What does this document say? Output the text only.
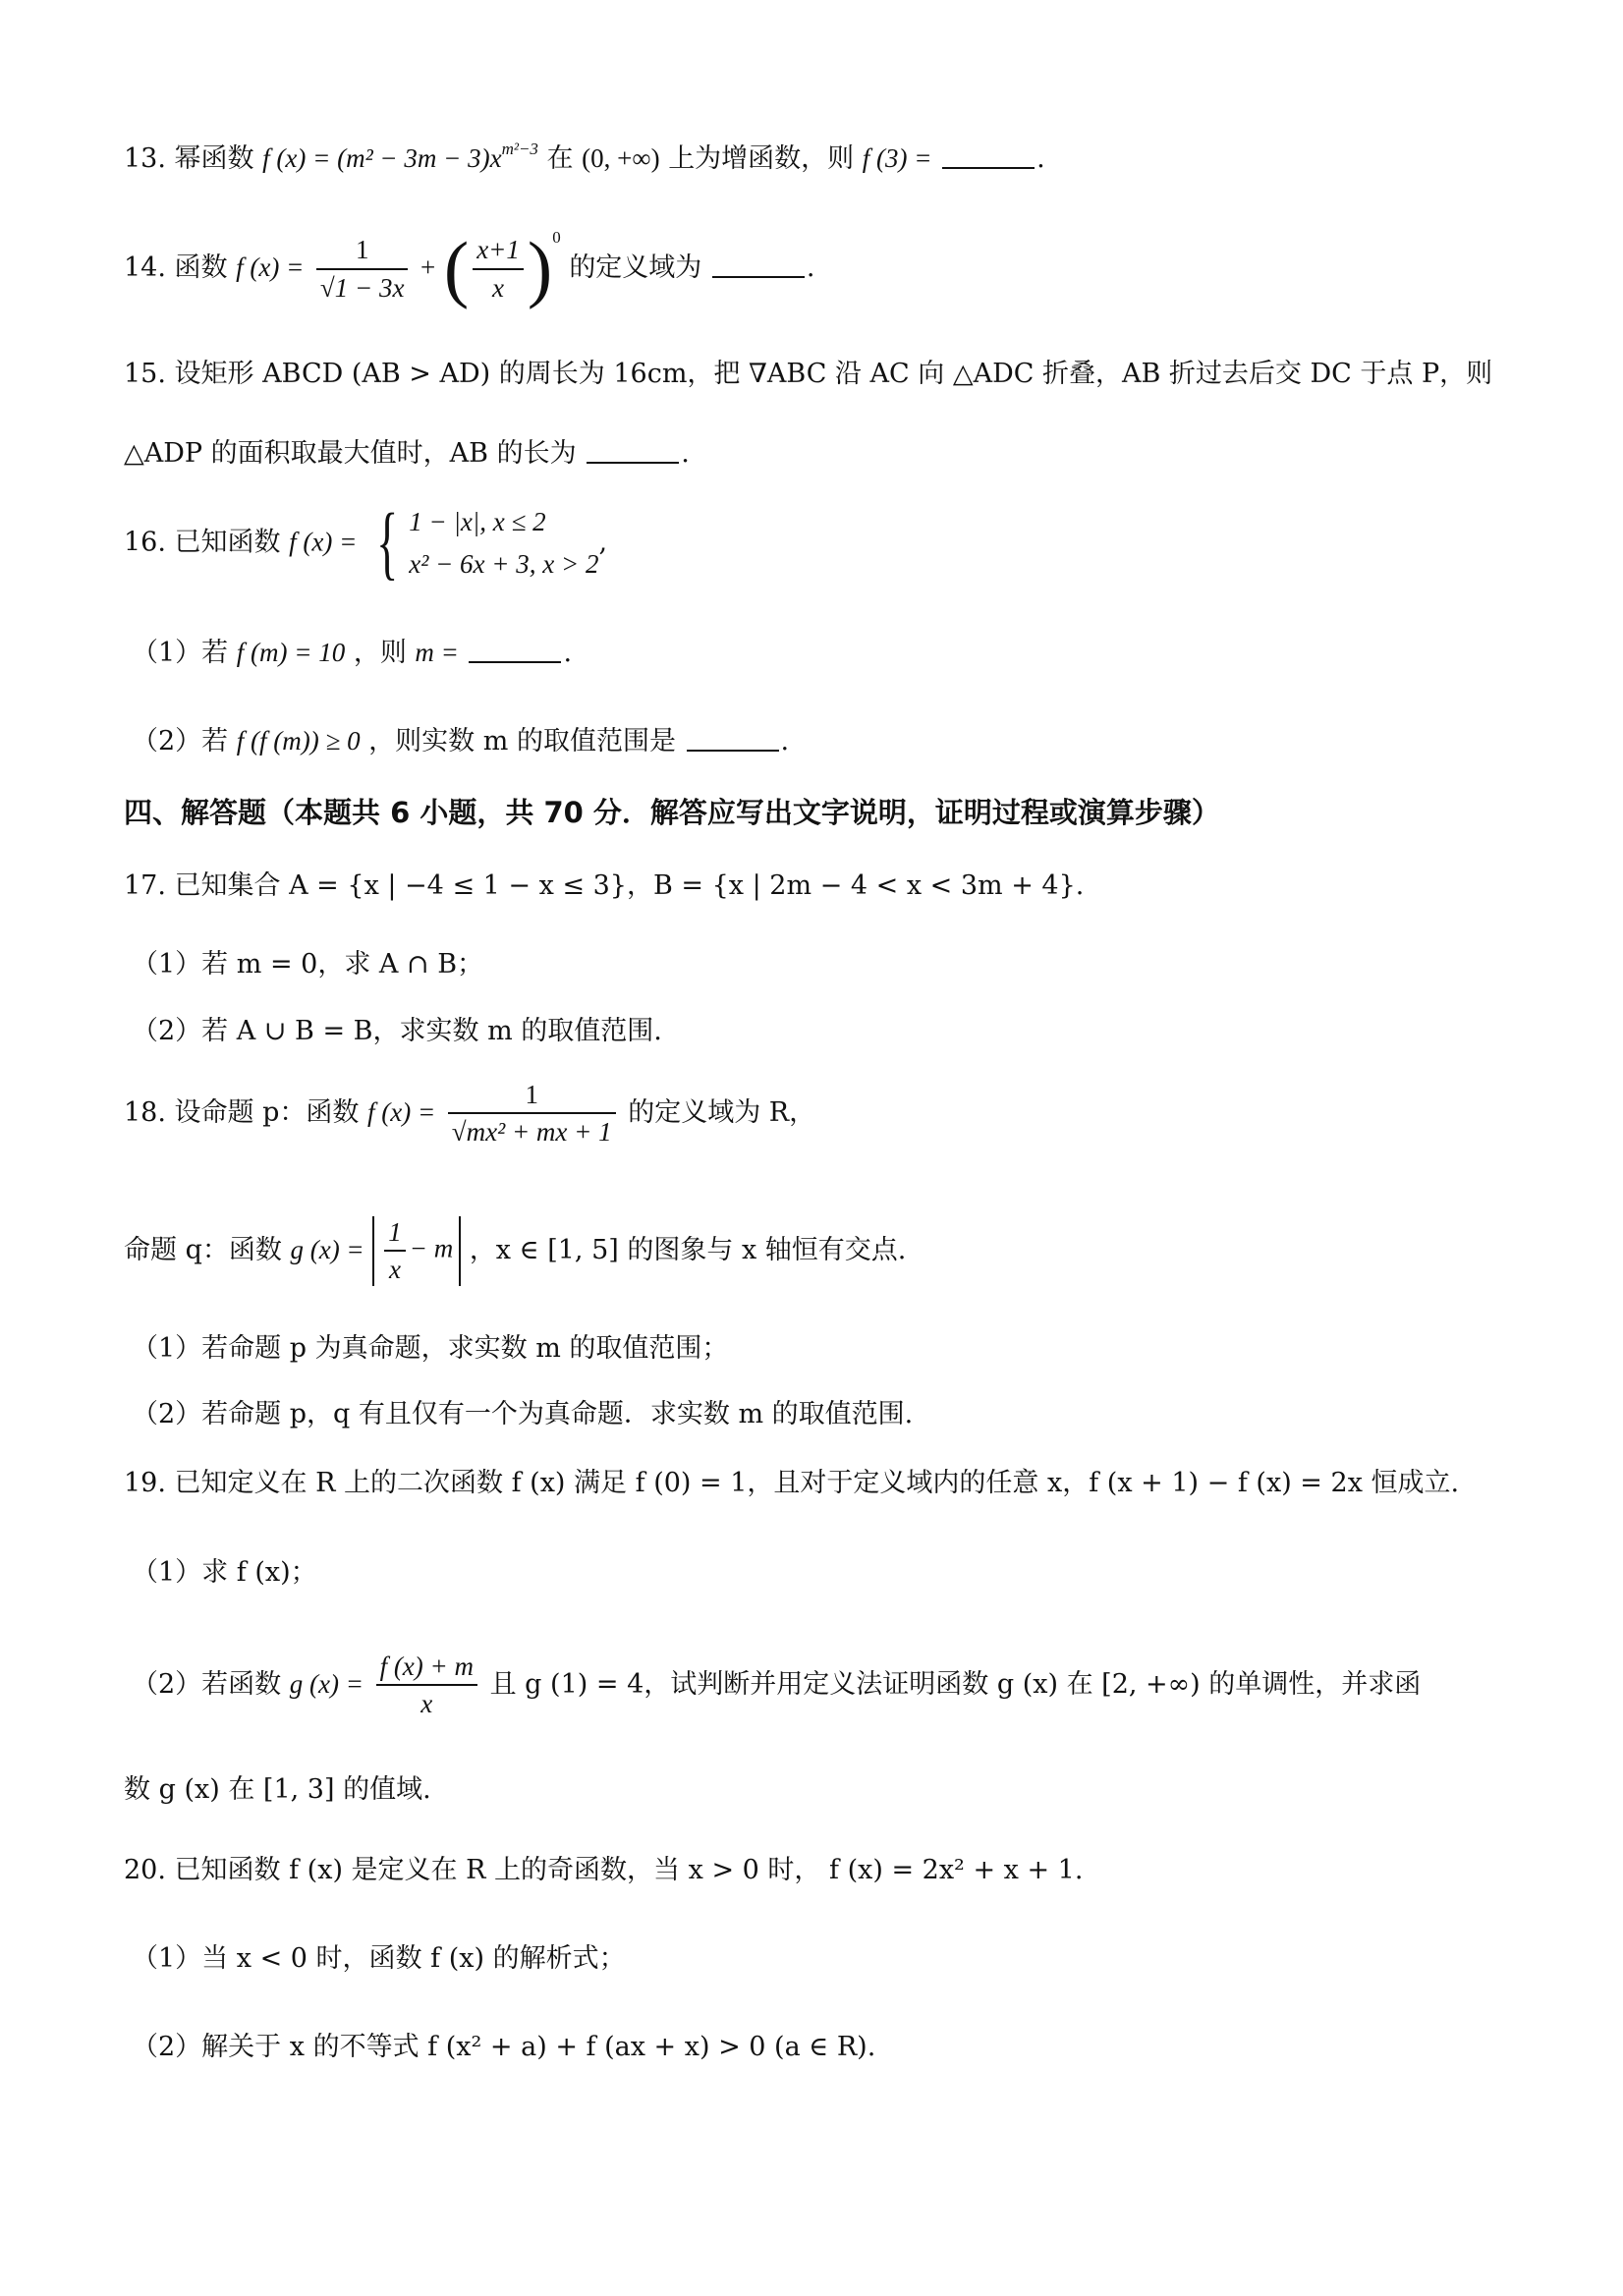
13. 幂函数 f $(x) = (m^2 - 3m - 3)x^{m^2-3}$ 在 (0, +∞) 上为增函数，则 f (3) =	.
14. 函数 f $(x) = \frac{1}{√1 - 3x}$ + ( $\frac{x+1}{x} )^0$ 的定义域为	.
15. 设矩形 ABCD (AB > AD) 的周长为 16cm，把 ∇ABC 沿 AC 向 △ADC 折叠，AB 折过去后交 DC 于点 P，则
△ADP 的面积取最大值时，AB 的长为	.
16. 已知函数 f (x) = { 1 − |x|, x ≤ 2
x² − 6x + 3, x > 2
,
（1）若 f (m) = 10 ，则 m =	.
（2）若 f (f (m)) ≥ 0 ，则实数 m 的取值范围是	.
四、解答题（本题共 6 小题，共 70 分．解答应写出文字说明，证明过程或演算步骤）
17. 已知集合 A = {x | −4 ≤ 1 − x ≤ 3}，B = {x | 2m − 4 < x < 3m + 4}.
（1）若 m = 0，求 A ∩ B；
（2）若 A ∪ B = B，求实数 m 的取值范围.
18. 设命题 p：函数 f $(x) = \frac{1}{\text{√mx² + mx + 1}}$ 的定义域为 R，
命题 q：函数 g $(x) = \frac{1}{x} - m$ ，x ∈ [1, 5] 的图象与 x 轴恒有交点.
（1）若命题 p 为真命题，求实数 m 的取值范围；
（2）若命题 p，q 有且仅有一个为真命题．求实数 m 的取值范围.
19. 已知定义在 R 上的二次函数 f (x) 满足 f (0) = 1，且对于定义域内的任意 x，f (x + 1) − f (x) = 2x 恒成立.
（1）求 f (x)；
（2）若函数 g $(x) = \frac{f (x) + m}{x}$ 且 g (1) = 4，试判断并用定义法证明函数 g (x) 在 [2, +∞) 的单调性，并求函
数 g (x) 在 [1, 3] 的值域.
20. 已知函数 f (x) 是定义在 R 上的奇函数，当 x > 0 时， f (x) = 2x² + x + 1.
（1）当 x < 0 时，函数 f (x) 的解析式；
（2）解关于 x 的不等式 f (x² + a) + f (ax + x) > 0 (a ∈ R).
